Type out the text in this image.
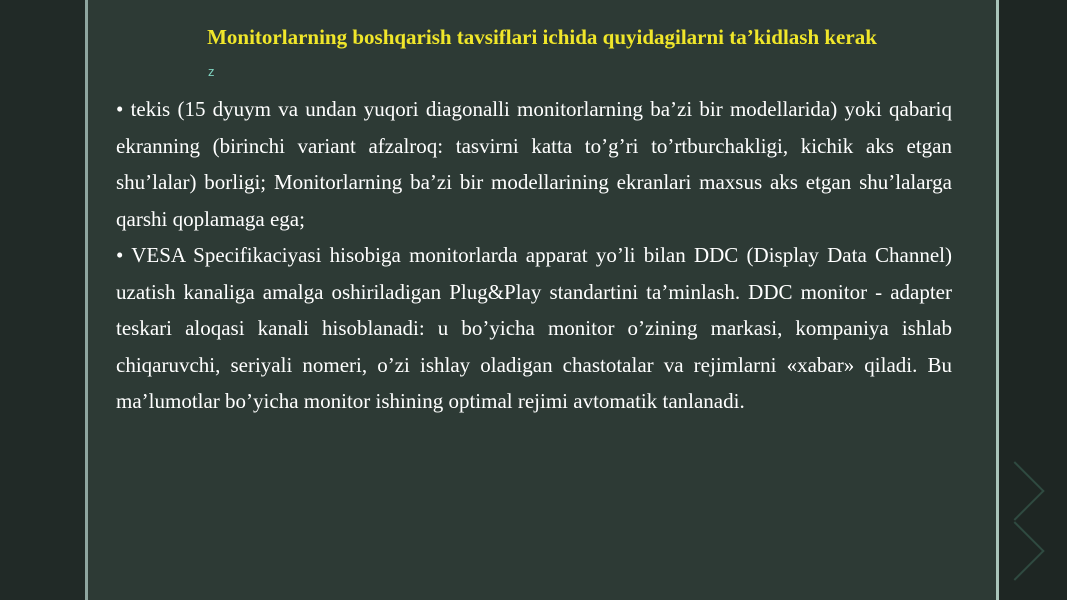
Monitorlarning boshqarish tavsiflari ichida quyidagilarni ta’kidlash kerak
z

• tekis (15 dyuym va undan yuqori diagonalli monitorlarning ba’zi bir modellarida) yoki qabariq ekranning (birinchi variant afzalroq: tasvirni katta to’g’ri to’rtburchakligi, kichik aks etgan shu’lalar) borligi; Monitorlarning ba’zi bir modellarining ekranlari maxsus aks etgan shu’lalarga qarshi qoplamaga ega;

• VESA Specifikaciyasi hisobiga monitorlarda apparat yo’li bilan DDC (Display Data Channel) uzatish kanaliga amalga oshiriladigan Plug&Play standartini ta’minlash. DDC monitor - adapter teskari aloqasi kanali hisoblanadi: u bo’yicha monitor o’zining markasi, kompaniya ishlab chiqaruvchi, seriyali nomeri, o’zi ishlay oladigan chastotalar va rejimlarni «xabar» qiladi. Bu ma’lumotlar bo’yicha monitor ishining optimal rejimi avtomatik tanlanadi.
